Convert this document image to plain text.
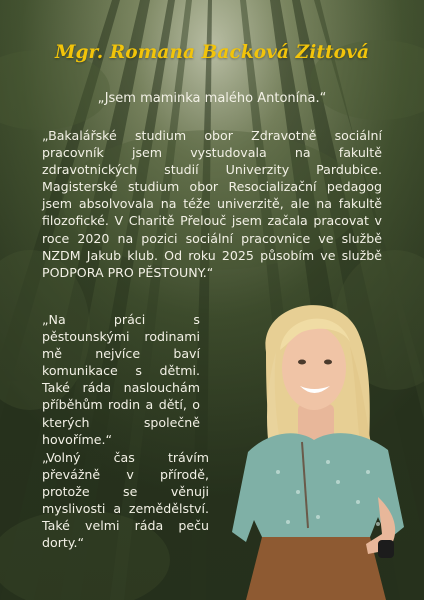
Mgr. Romana Backová Zittová
„Jsem maminka malého Antonína.“
„Bakalářské studium obor Zdravotně sociální pracovník jsem vystudovala na fakultě zdravotnických studií Univerzity Pardubice. Magisterské studium obor Resocializační pedagog jsem absolvovala na téže univerzitě, ale na fakultě filozofické. V Charitě Přelouč jsem začala pracovat v roce 2020 na pozici sociální pracovnice ve službě NZDM Jakub klub. Od roku 2025 působím ve službě PODPORA PRO PĚSTOUNY.“
„Na práci s pěstounskými rodinami mě nejvíce baví komunikace s dětmi. Také ráda naslouchám příběhům rodin a dětí, o kterých společně hovoříme.“
„Volný čas trávím převážně v přírodě, protože se věnuji myslivosti a zemědělství. Také velmi ráda peču dorty.“
